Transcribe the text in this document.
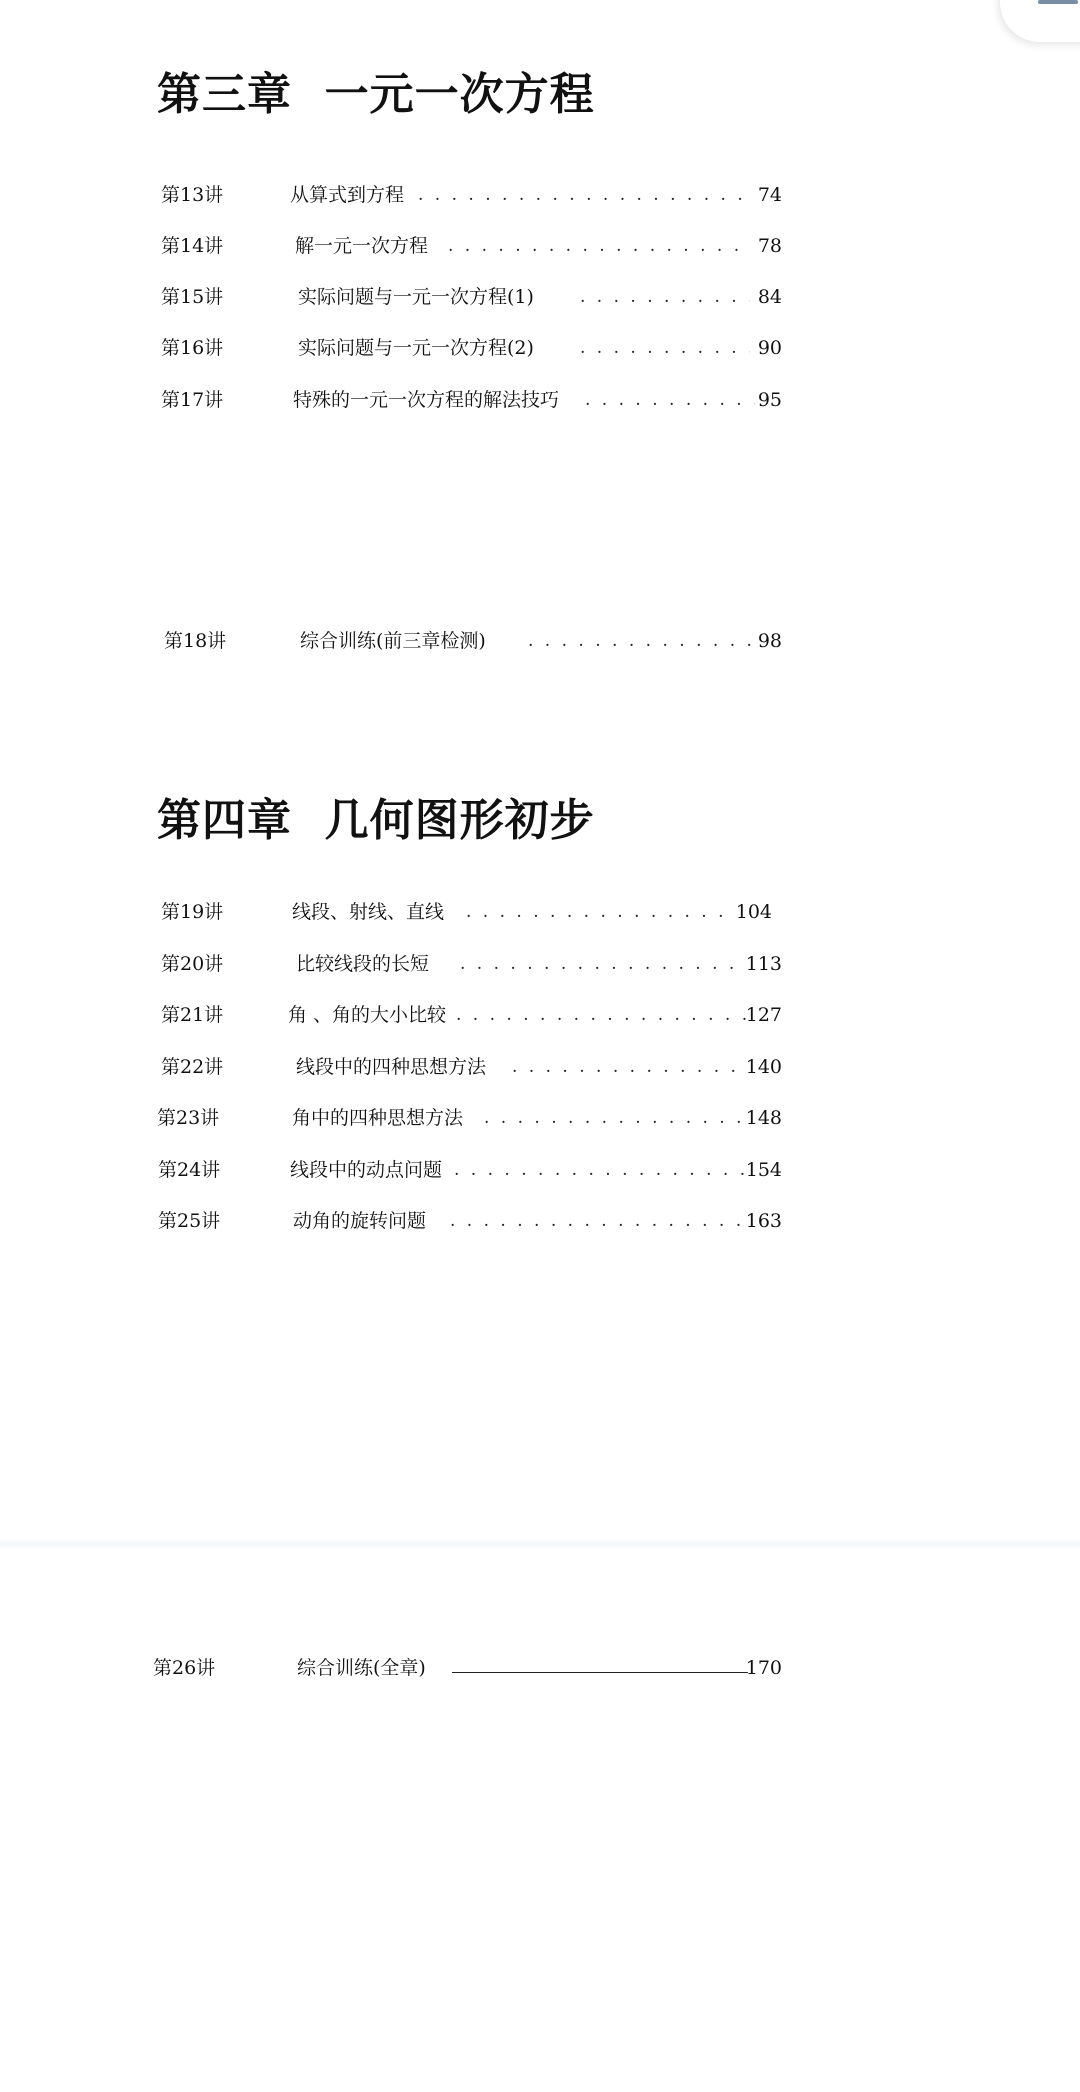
第三章  一元一次方程
第13讲	从算式到方程 . . .	74
第14讲	解一元一次方程 . . .	78
第15讲	实际问题与一元一次方程(1) . . .	84
第16讲	实际问题与一元一次方程(2) . . .	90
第17讲	特殊的一元一次方程的解法技巧 . . .	95
第18讲	综合训练(前三章检测) . . .	98
第四章  几何图形初步
第19讲	线段、射线、直线 . . .	104
第20讲	比较线段的长短 . . .	113
第21讲	角 、角的大小比较 . . .	127
第22讲	线段中的四种思想方法 . . .	140
第23讲	角中的四种思想方法 . . .	148
第24讲	线段中的动点问题 . . .	154
第25讲	动角的旋转问题 . . .	163
第26讲	综合训练(全章)	170
